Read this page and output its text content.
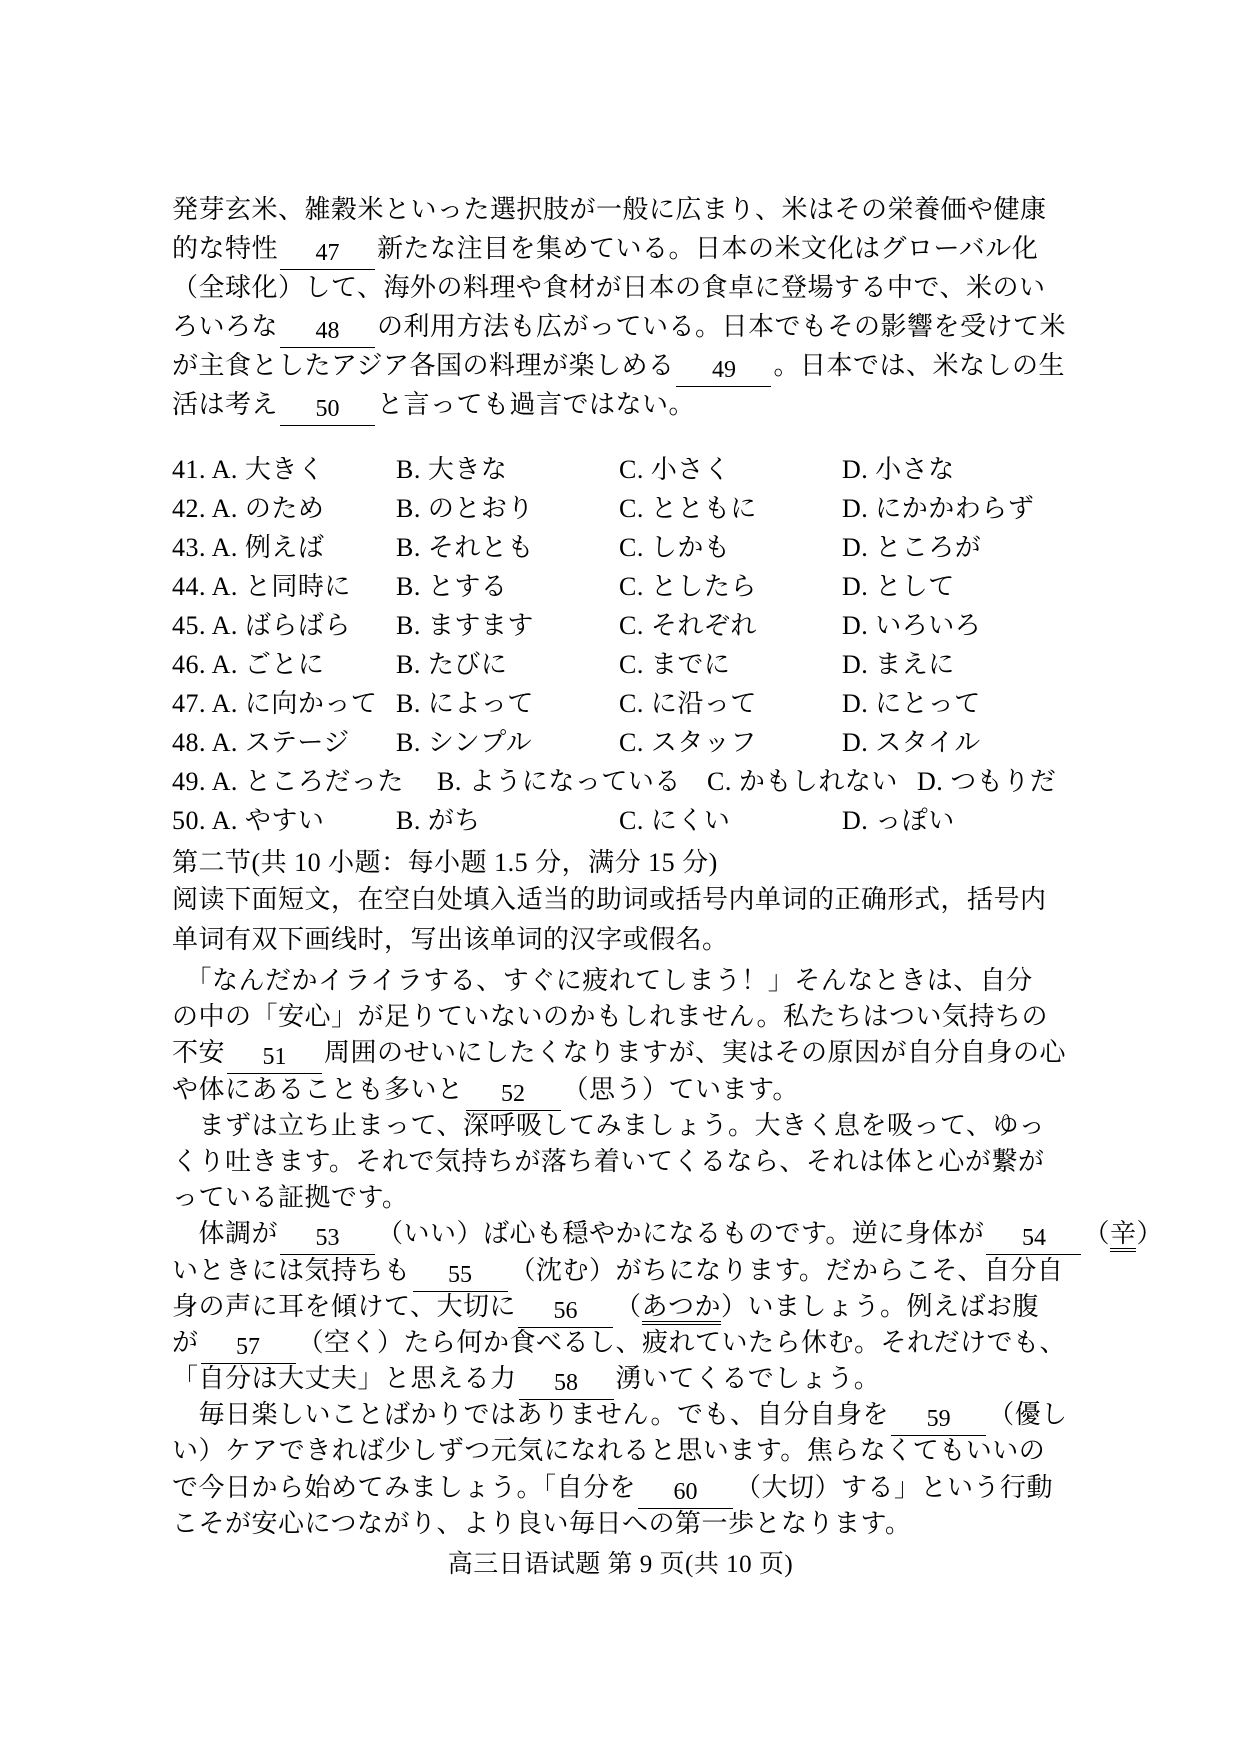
発芽玄米、雑穀米といった選択肢が一般に広まり、米はその栄養価や健康
的な特性 47 新たな注目を集めている。日本の米文化はグローバル化
（全球化）して、海外の料理や食材が日本の食卓に登場する中で、米のい
ろいろな 48 の利用方法も広がっている。日本でもその影響を受けて米
が主食としたアジア各国の料理が楽しめる 49 。日本では、米なしの生
活は考え 50 と言っても過言ではない。
41. A. 大きく	B. 大きな	C. 小さく	D. 小さな
42. A. のため	B. のとおり	C. とともに	D. にかかわらず
43. A. 例えば	B. それとも	C. しかも	D. ところが
44. A. と同時に B. とする	C. としたら	D. として
45. A. ばらばら B. ますます	C. それぞれ	D. いろいろ
46. A. ごとに	B. たびに	C. までに	D. まえに
47. A. に向かって B. によって	C. に沿って	D. にとって
48. A. ステージ B. シンプル	C. スタッフ	D. スタイル
49. A. ところだった B. ようになっている C. かもしれない D. つもりだ
50. A. やすい	B. がち	C. にくい	D. っぽい
第二节(共 10 小题：每小题 1.5 分，满分 15 分)
阅读下面短文，在空白处填入适当的助词或括号内单词的正确形式，括号内
单词有双下画线时，写出该单词的汉字或假名。
　「なんだかイライラする、すぐに疲れてしまう！」そんなときは、自分
の中の「安心」が足りていないのかもしれません。私たちはつい気持ちの
不安 51 周囲のせいにしたくなりますが、実はその原因が自分自身の心
や体にあることも多いと 52 （思う）ています。
　まずは立ち止まって、深呼吸してみましょう。大きく息を吸って、ゆっ
くり吐きます。それで気持ちが落ち着いてくるなら、それは体と心が繋が
っている証拠です。
　体調が 53 （いい）ば心も穏やかになるものです。逆に身体が 54 （辛）
いときには気持ちも 55 （沈む）がちになります。だからこそ、自分自
身の声に耳を傾けて、大切に 56 （あつか）いましょう。例えばお腹
が 57 （空く）たら何か食べるし、疲れていたら休む。それだけでも、
「自分は大丈夫」と思える力 58 湧いてくるでしょう。
　毎日楽しいことばかりではありません。でも、自分自身を 59 （優し
い）ケアできれば少しずつ元気になれると思います。焦らなくてもいいの
で今日から始めてみましょう。「自分を 60 （大切）する」という行動
こそが安心につながり、より良い毎日への第一歩となります。
高三日语试题 第 9 页(共 10 页)
